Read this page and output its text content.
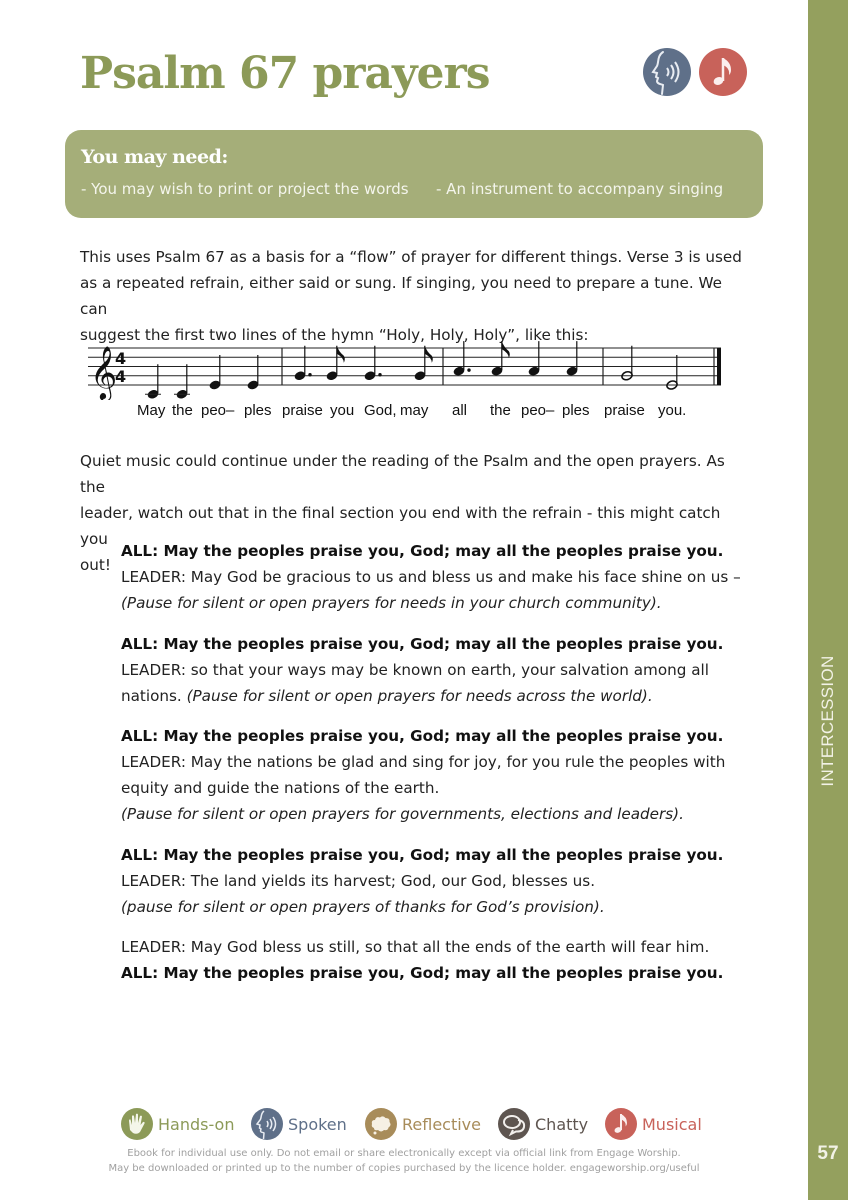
INTERCESSION
57
Psalm 67 prayers
You may need:
- You may wish to print or project the words - An instrument to accompany singing

This uses Psalm 67 as a basis for a “flow” of prayer for different things. Verse 3 is used
as a repeated refrain, either said or sung. If singing, you need to prepare a tune. We can
suggest the first two lines of the hymn “Holy, Holy, Holy”, like this:

𝄞
4
4
May the peo– ples praise you God, may all the peo– ples praise you.

Quiet music could continue under the reading of the Psalm and the open prayers. As the
leader, watch out that in the final section you end with the refrain - this might catch you
out!

ALL: May the peoples praise you, God; may all the peoples praise you.
LEADER: May God be gracious to us and bless us and make his face shine on us –
(Pause for silent or open prayers for needs in your church community).
ALL: May the peoples praise you, God; may all the peoples praise you.
LEADER: so that your ways may be known on earth, your salvation among all
nations. (Pause for silent or open prayers for needs across the world).
ALL: May the peoples praise you, God; may all the peoples praise you.
LEADER: May the nations be glad and sing for joy, for you rule the peoples with
equity and guide the nations of the earth.
(Pause for silent or open prayers for governments, elections and leaders).
ALL: May the peoples praise you, God; may all the peoples praise you.
LEADER: The land yields its harvest; God, our God, blesses us.
(pause for silent or open prayers of thanks for God’s provision).
LEADER: May God bless us still, so that all the ends of the earth will fear him.
ALL: May the peoples praise you, God; may all the peoples praise you.
Hands-on	Spoken	Reflective	Chatty	Musical
Ebook for individual use only. Do not email or share electronically except via official link from Engage Worship.
May be downloaded or printed up to the number of copies purchased by the licence holder. engageworship.org/useful
